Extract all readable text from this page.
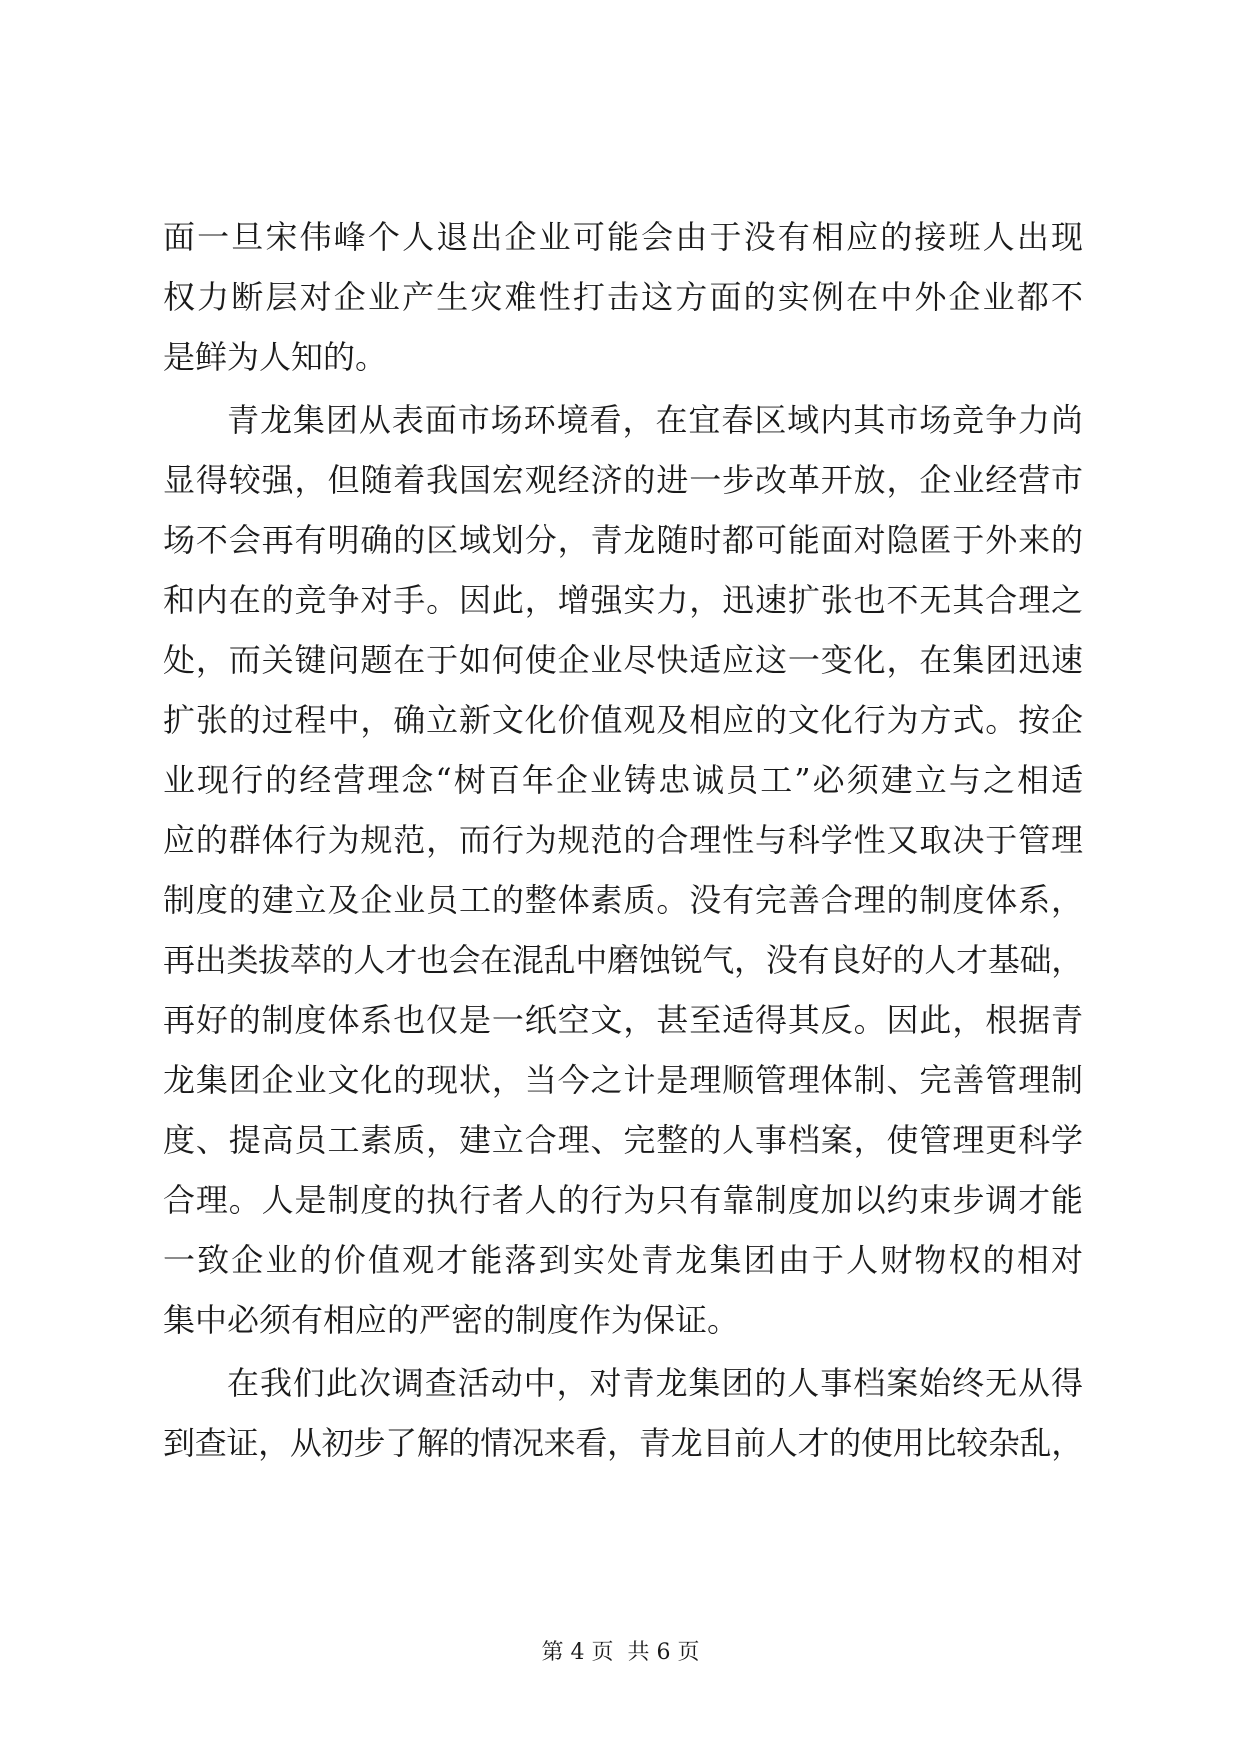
面一旦宋伟峰个人退出企业可能会由于没有相应的接班人出现
权力断层对企业产生灾难性打击这方面的实例在中外企业都不
是鲜为人知的。
青龙集团从表面市场环境看，在宜春区域内其市场竞争力尚
显得较强，但随着我国宏观经济的进一步改革开放，企业经营市
场不会再有明确的区域划分，青龙随时都可能面对隐匿于外来的
和内在的竞争对手。因此，增强实力，迅速扩张也不无其合理之
处，而关键问题在于如何使企业尽快适应这一变化，在集团迅速
扩张的过程中，确立新文化价值观及相应的文化行为方式。按企
业现行的经营理念“树百年企业铸忠诚员工”必须建立与之相适
应的群体行为规范，而行为规范的合理性与科学性又取决于管理
制度的建立及企业员工的整体素质。没有完善合理的制度体系，
再出类拔萃的人才也会在混乱中磨蚀锐气，没有良好的人才基础，
再好的制度体系也仅是一纸空文，甚至适得其反。因此，根据青
龙集团企业文化的现状，当今之计是理顺管理体制、完善管理制
度、提高员工素质，建立合理、完整的人事档案，使管理更科学
合理。人是制度的执行者人的行为只有靠制度加以约束步调才能
一致企业的价值观才能落到实处青龙集团由于人财物权的相对
集中必须有相应的严密的制度作为保证。
在我们此次调查活动中，对青龙集团的人事档案始终无从得
到查证，从初步了解的情况来看，青龙目前人才的使用比较杂乱，
第 4 页  共 6 页
